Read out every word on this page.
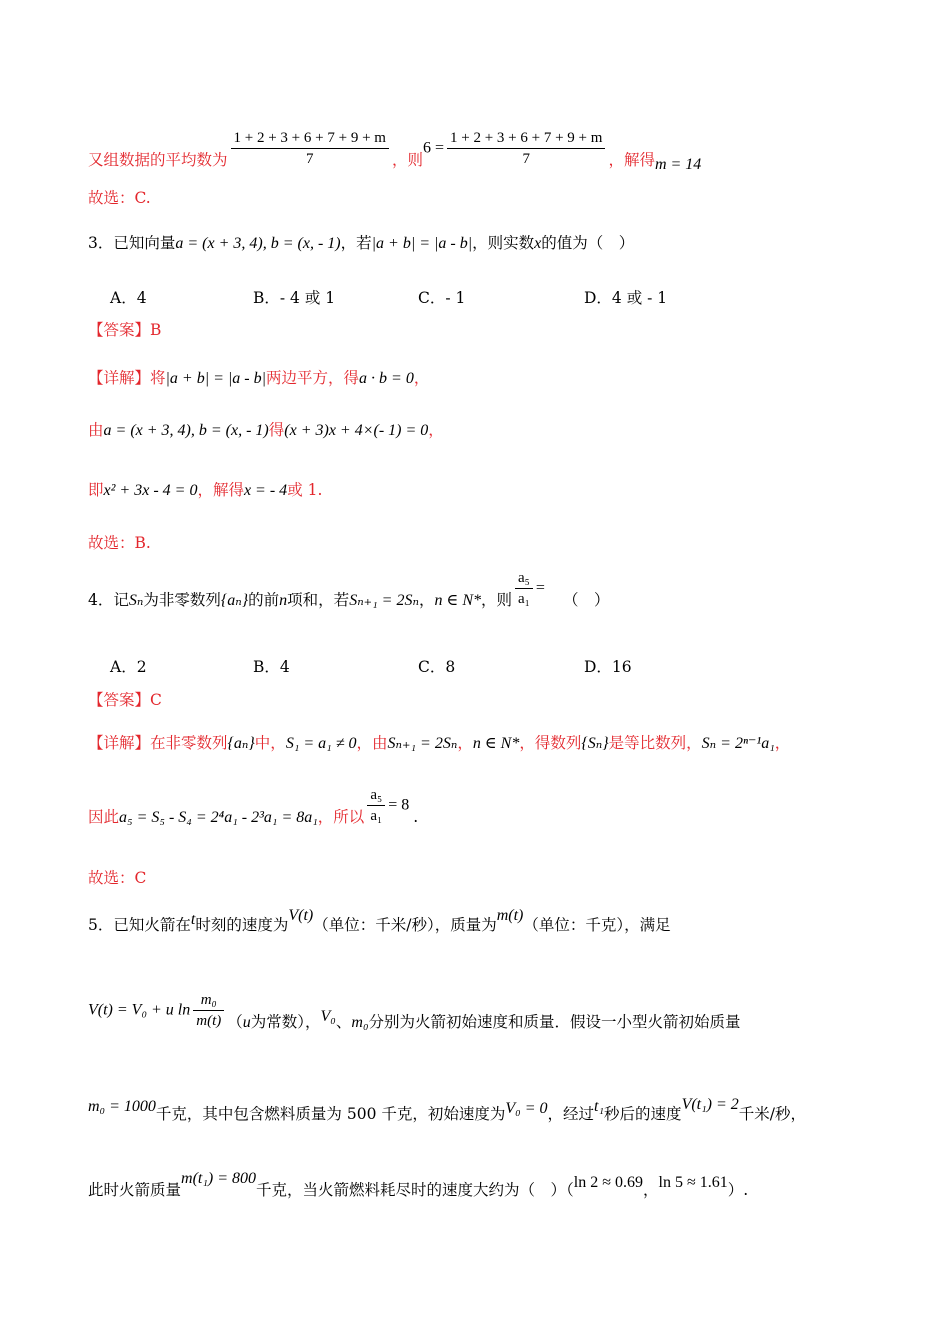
又组数据的平均数为 $\frac{1 + 2 + 3 + 6 + 7 + 9 + m}{7}$ ，则$6 = \frac{1 + 2 + 3 + 6 + 7 + 9 + m}{7}$ ，解得m = 14
故选：C.
3．已知向量a = (x + 3, 4), b = (x, - 1)，若|a + b| = |a - b|，则实数x的值为（　）
A．4	B．- 4 或 1	C．- 1	D．4 或 - 1
【答案】B
【详解】将|a + b| = |a - b|两边平方，得a · b = 0，
由a = (x + 3, 4), b = (x, - 1)得(x + 3)x + 4×(- 1) = 0，
即x² + 3x - 4 = 0，解得x = - 4或 1.
故选：B.
4．记Sₙ为非零数列{aₙ}的前n项和，若Sₙ₊₁ = 2Sₙ，n ∈ N*，则 $\frac{\text{a₅}}{\text{a₁}}$ =（　）
A．2	B．4	C．8	D．16
【答案】C
【详解】在非零数列{aₙ}中，S₁ = a₁ ≠ 0，由Sₙ₊₁ = 2Sₙ，n ∈ N*，得数列{Sₙ}是等比数列，Sₙ = 2ⁿ⁻¹a₁，
因此a₅ = S₅ - S₄ = 2⁴a₁ - 2³a₁ = 8a₁，所以 $\frac{\text{a₅}}{\text{a₁}} = 8$.
故选：C
5．已知火箭在t时刻的速度为V(t)（单位：千米/秒），质量为m(t)（单位：千克），满足
V(t) = V₀ + u $\ln \frac{\text{m₀}}{m(t)} (u$为常数），V₀、m₀分别为火箭初始速度和质量．假设一小型火箭初始质量
m₀ = 1000千克，其中包含燃料质量为 500 千克，初始速度为V₀ = 0，经过t₁秒后的速度V(t₁) = 2千米/秒，
此时火箭质量m(t₁) = 800千克，当火箭燃料耗尽时的速度大约为（　）（ln 2 ≈ 0.69，ln 5 ≈ 1.61）.
